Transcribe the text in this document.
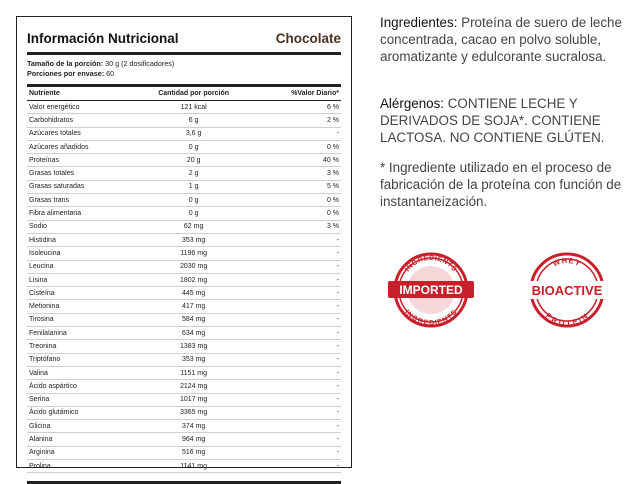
Información Nutricional	Chocolate
Tamaño de la porción: 30 g (2 dosificadores)
Porciones por envase: 60
Nutriente	Cantidad por porción	%Valor Diario*
Valor energético	121 kcal	6 %
Carbohidratos	6 g	2 %
Azúcares totales	3,6 g	-
Azúcares añadidos	0 g	0 %
Proteínas	20 g	40 %
Grasas totales	2 g	3 %
Grasas saturadas	1 g	5 %
Grasas trans	0 g	0 %
Fibra alimentaria	0 g	0 %
Sodio	62 mg	3 %
Histidina	353 mg	-
Isoleucina	1196 mg	-
Leucina	2030 mg	-
Lisina	1802 mg	-
Cisteína	445 mg	-
Metionina	417 mg	-
Tirosina	584 mg	-
Fenilalanina	634 mg	-
Treonina	1383 mg	-
Triptófano	353 mg	-
Valina	1151 mg	-
Ácido aspártico	2124 mg	-
Serina	1017 mg	-
Ácido glutámico	3365 mg	-
Glicina	374 mg	-
Alanina	964 mg	-
Arginina	516 mg	-
Prolina	1141 mg	-
Ingredientes: Proteína de suero de leche concentrada, cacao en polvo soluble, aromatizante y edulcorante sucralosa.
Alérgenos: CONTIENE LECHE Y DERIVADOS DE SOJA*. CONTIENE LACTOSA. NO CONTIENE GLÚTEN.
* Ingrediente utilizado en el proceso de fabricación de la proteína con función de instantaneización.
INGREDIENTS
INGREDIENTS
IMPORTED
WHEY
PROTEIN
BIOACTIVE
